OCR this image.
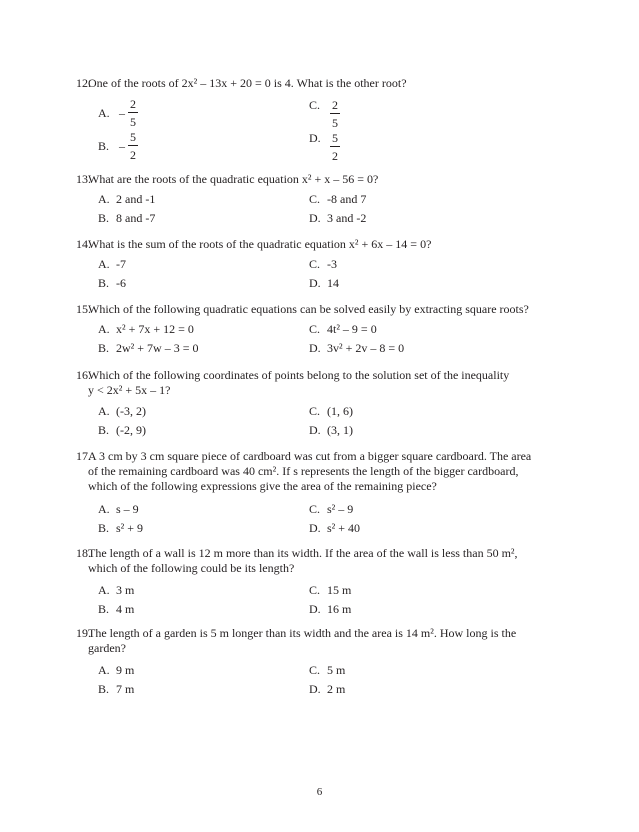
12.
One of the roots of 2x² – 13x + 20 = 0 is 4. What is the other root?
A. – $\frac{2}{5}$
B. – $\frac{5}{2}$
C. $\frac{2}{5}$
D. $\frac{5}{2}$
13.
What are the roots of the quadratic equation x² + x – 56 = 0?
A. 2 and -1
B. 8 and -7
C. -8 and 7
D. 3 and -2
14.
What is the sum of the roots of the quadratic equation x² + 6x – 14 = 0?
A. -7
B. -6
C. -3
D. 14
15.
Which of the following quadratic equations can be solved easily by extracting square roots?
A. x² + 7x + 12 = 0
B. 2w² + 7w – 3 = 0
C. 4t² – 9 = 0
D. 3v² + 2v – 8 = 0
16.
Which of the following coordinates of points belong to the solution set of the inequality
y < 2x² + 5x – 1?
A. (-3, 2)
B. (-2, 9)
C. (1, 6)
D. (3, 1)
17.
A 3 cm by 3 cm square piece of cardboard was cut from a bigger square cardboard. The area
of the remaining cardboard was 40 cm². If s represents the length of the bigger cardboard,
which of the following expressions give the area of the remaining piece?
A. s – 9
B. s² + 9
C. s² – 9
D. s² + 40
18.
The length of a wall is 12 m more than its width. If the area of the wall is less than 50 m²,
which of the following could be its length?
A. 3 m
B. 4 m
C. 15 m
D. 16 m
19.
The length of a garden is 5 m longer than its width and the area is 14 m². How long is the
garden?
A. 9 m
B. 7 m
C. 5 m
D. 2 m
6
